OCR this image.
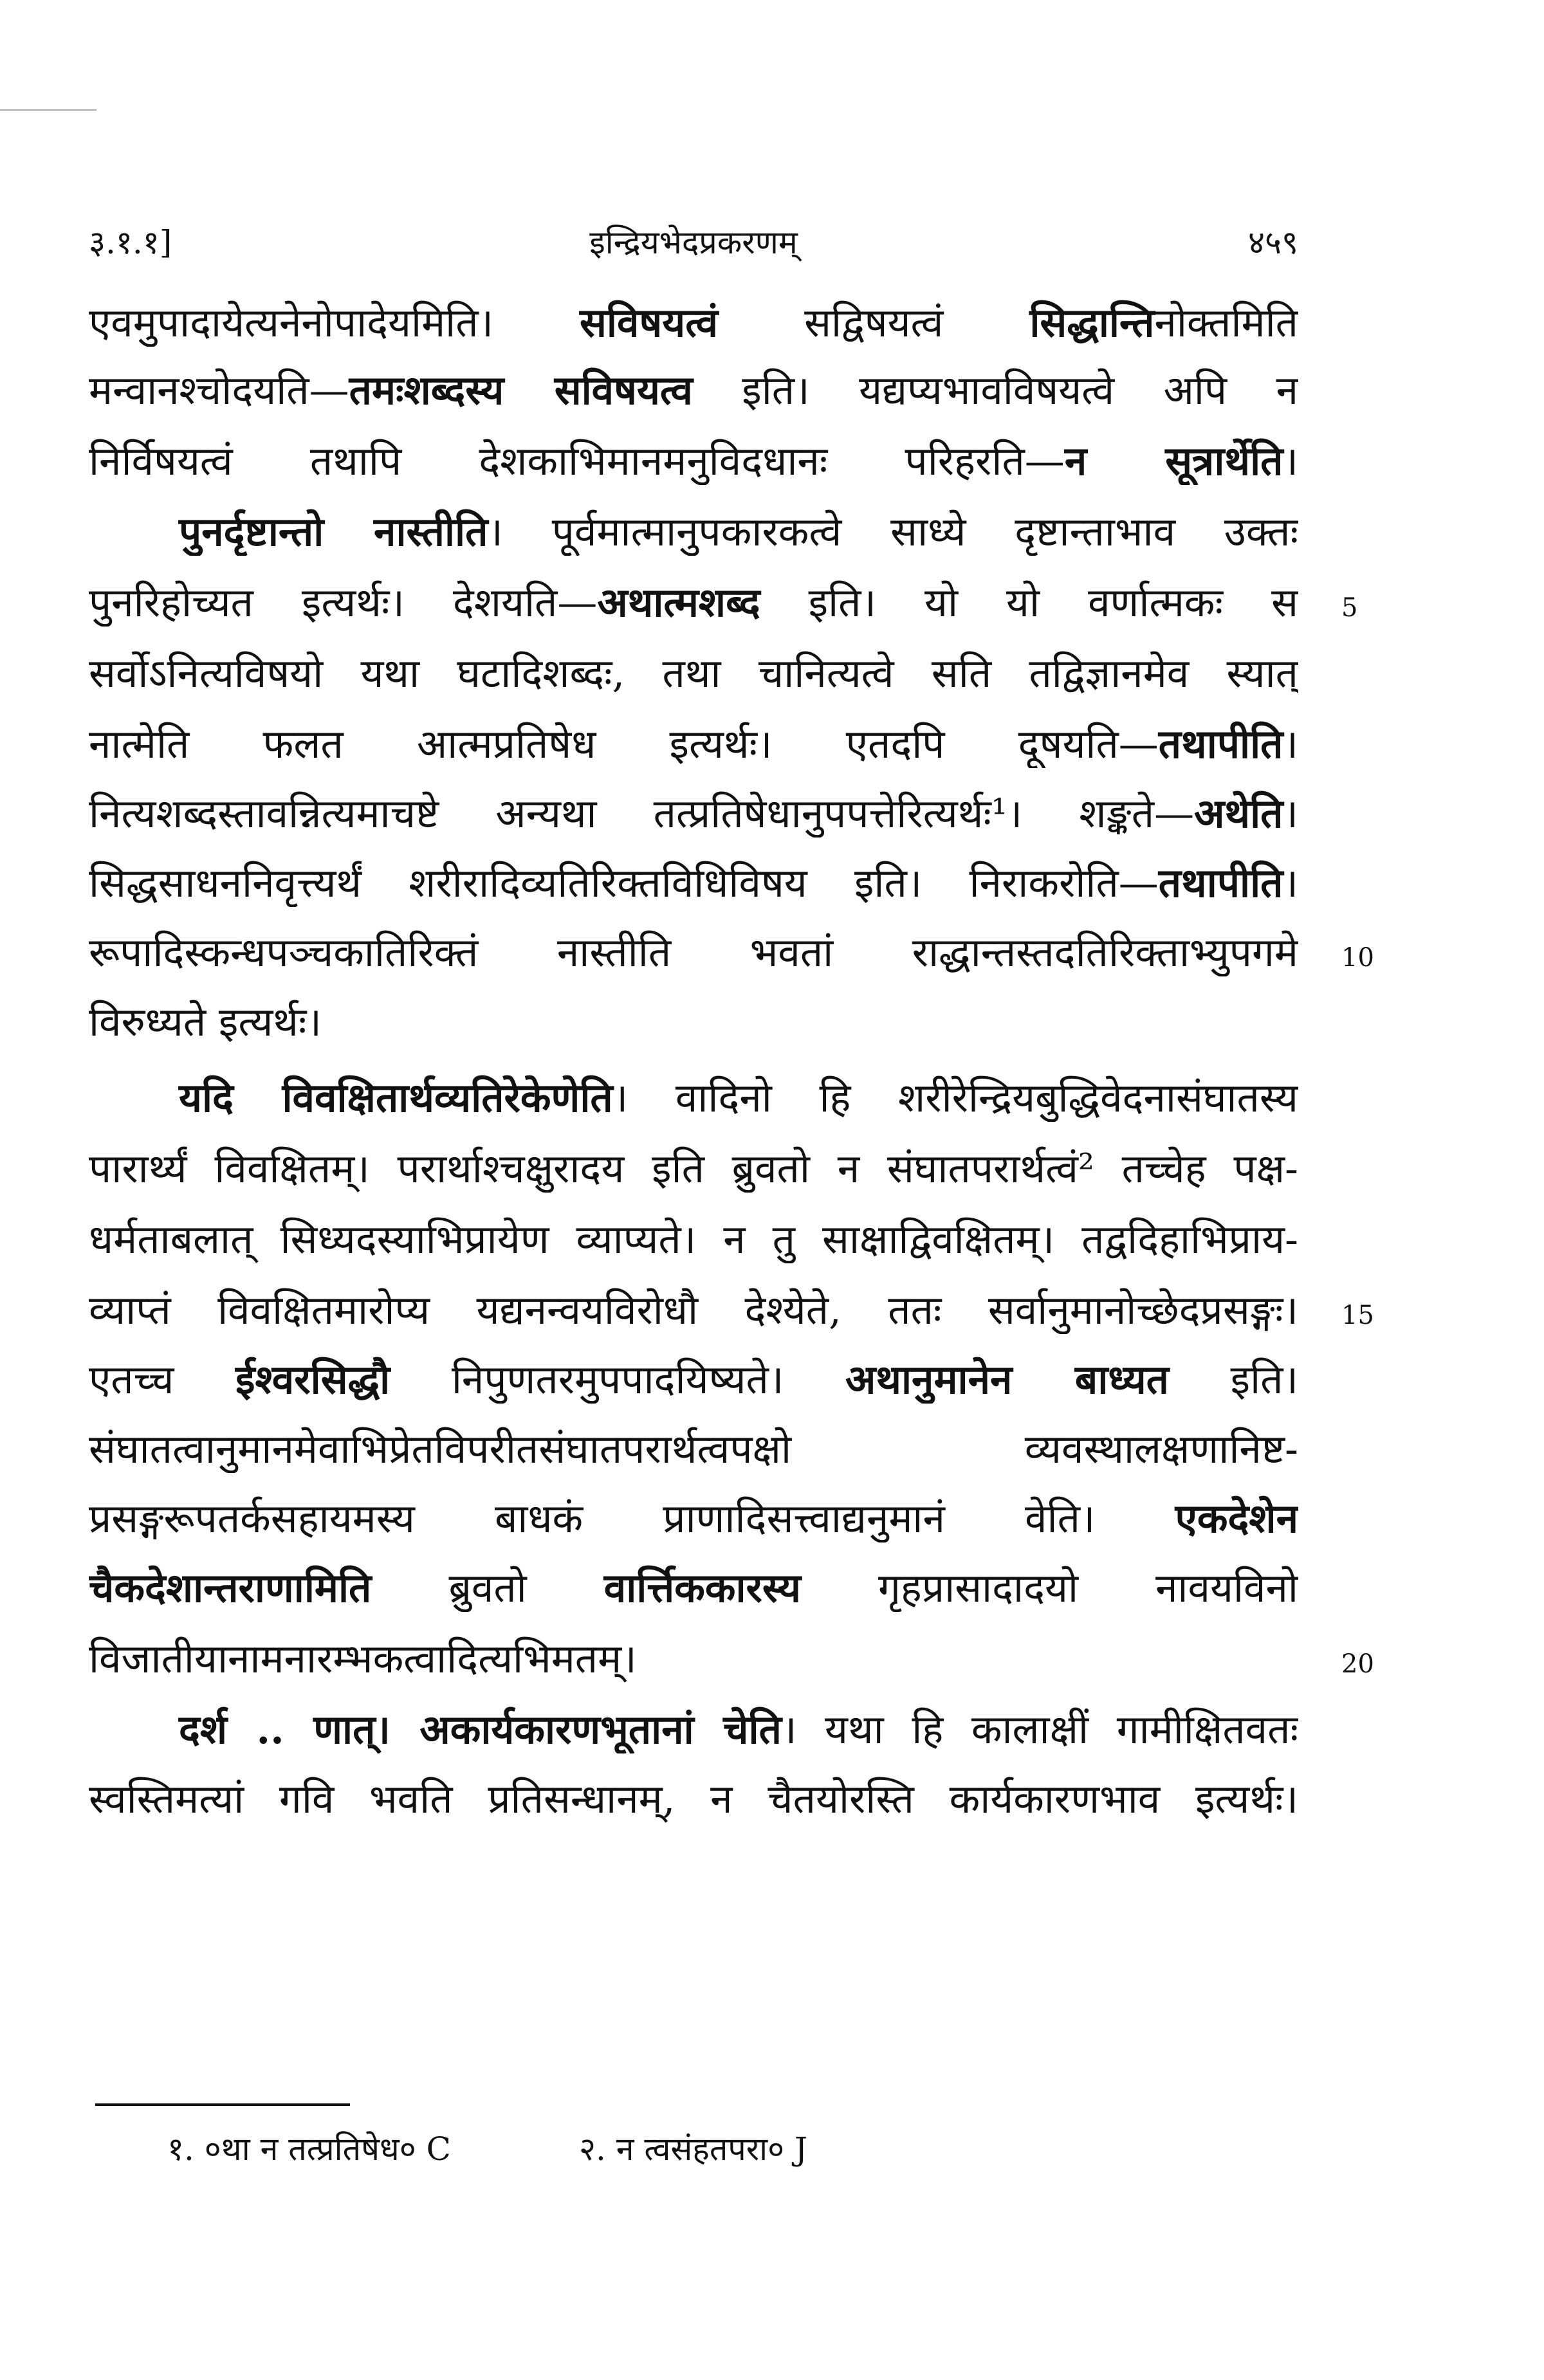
३.१.१]	इन्द्रियभेदप्रकरणम्	४५९
एवमुपादायेत्यनेनोपादेयमिति। सविषयत्वं सद्विषयत्वं सिद्धान्तिनोक्तमिति
मन्वानश्चोदयति—तमःशब्दस्य सविषयत्व इति। यद्यप्यभावविषयत्वे अपि न
निर्विषयत्वं तथापि देशकाभिमानमनुविदधानः परिहरति—न सूत्रार्थेति।
पुनर्दृष्टान्तो नास्तीति। पूर्वमात्मानुपकारकत्वे साध्ये दृष्टान्ताभाव उक्तः
पुनरिहोच्यत इत्यर्थः। देशयति—अथात्मशब्द इति। यो यो वर्णात्मकः स
सर्वोऽनित्यविषयो यथा घटादिशब्दः, तथा चानित्यत्वे सति तद्विज्ञानमेव स्यात्
नात्मेति फलत आत्मप्रतिषेध इत्यर्थः। एतदपि दूषयति—तथापीति।
नित्यशब्दस्तावन्नित्यमाचष्टे अन्यथा तत्प्रतिषेधानुपपत्तेरित्यर्थः¹। शङ्कते—अथेति।
सिद्धसाधननिवृत्त्यर्थं शरीरादिव्यतिरिक्तविधिविषय इति। निराकरोति—तथापीति।
रूपादिस्कन्धपञ्चकातिरिक्तं नास्तीति भवतां राद्धान्तस्तदतिरिक्ताभ्युपगमे
विरुध्यते इत्यर्थः।
यदि विवक्षितार्थव्यतिरेकेणेति। वादिनो हि शरीरेन्द्रियबुद्धिवेदनासंघातस्य
पारार्थ्यं विवक्षितम्। परार्थाश्चक्षुरादय इति ब्रुवतो न संघातपरार्थत्वं² तच्चेह पक्ष-
धर्मताबलात् सिध्यदस्याभिप्रायेण व्याप्यते। न तु साक्षाद्विवक्षितम्। तद्वदिहाभिप्राय-
व्याप्तं विवक्षितमारोप्य यद्यनन्वयविरोधौ देश्येते, ततः सर्वानुमानोच्छेदप्रसङ्गः।
एतच्च ईश्वरसिद्धौ निपुणतरमुपपादयिष्यते। अथानुमानेन बाध्यत इति।
संघातत्वानुमानमेवाभिप्रेतविपरीतसंघातपरार्थत्वपक्षो व्यवस्थालक्षणानिष्ट-
प्रसङ्गरूपतर्कसहायमस्य बाधकं प्राणादिसत्त्वाद्यनुमानं वेति। एकदेशेन
चैकदेशान्तराणामिति ब्रुवतो वार्त्तिककारस्य गृहप्रासादादयो नावयविनो
विजातीयानामनारम्भकत्वादित्यभिमतम्।
दर्श .. णात्। अकार्यकारणभूतानां चेति। यथा हि कालाक्षीं गामीक्षितवतः
स्वस्तिमत्यां गवि भवति प्रतिसन्धानम्, न चैतयोरस्ति कार्यकारणभाव इत्यर्थः।
5
10
15
20
१. ०था न तत्प्रतिषेध० C	२. न त्वसंहतपरा० J
